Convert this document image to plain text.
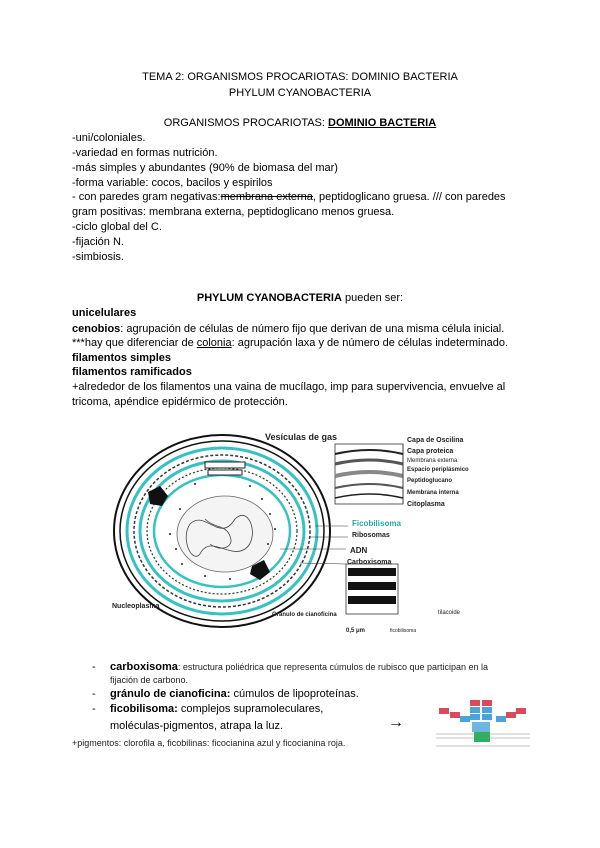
TEMA 2: ORGANISMOS PROCARIOTAS: DOMINIO BACTERIA
PHYLUM CYANOBACTERIA
ORGANISMOS PROCARIOTAS: DOMINIO BACTERIA
-uni/coloniales.
-variedad en formas nutrición.
-más simples y abundantes (90% de biomasa del mar)
-forma variable: cocos, bacilos y espirilos
- con paredes gram negativas:membrana externa, peptidoglicano gruesa. /// con paredes
gram positivas: membrana externa, peptidoglicano menos gruesa.
-ciclo global del C.
-fijación N.
-simbiosis.
PHYLUM CYANOBACTERIA pueden ser:
unicelulares
cenobios: agrupación de células de número fijo que derivan de una misma célula inicial.
***hay que diferenciar de colonia: agrupación laxa y de número de células indeterminado.
filamentos simples
filamentos ramificados
+alrededor de los filamentos una vaina de mucílago, imp para supervivencia, envuelve al
tricoma, apéndice epidérmico de protección.
Vesículas de gas	Capa de Oscilina
Capa proteica
Membrana externa
Espacio periplásmico
Peptidoglucano
Membrana interna
Citoplasma
Ficobilisoma
Ribosomas
ADN
Carboxisoma
Nucleoplasma
Gránulo de cianoficina	tilacoide
ficobilisoma
0,5 μm
- carboxisoma: estructura poliédrica que representa cúmulos de rubisco que participan en la
fijación de carbono.
- gránulo de cianoficina: cúmulos de lipoproteínas.
- ficobilisoma: complejos supramoleculares,
moléculas-pigmentos, atrapa la luz.	→
+pigmentos: clorofila a, ficobilinas: ficocianina azul y ficocianina roja.
